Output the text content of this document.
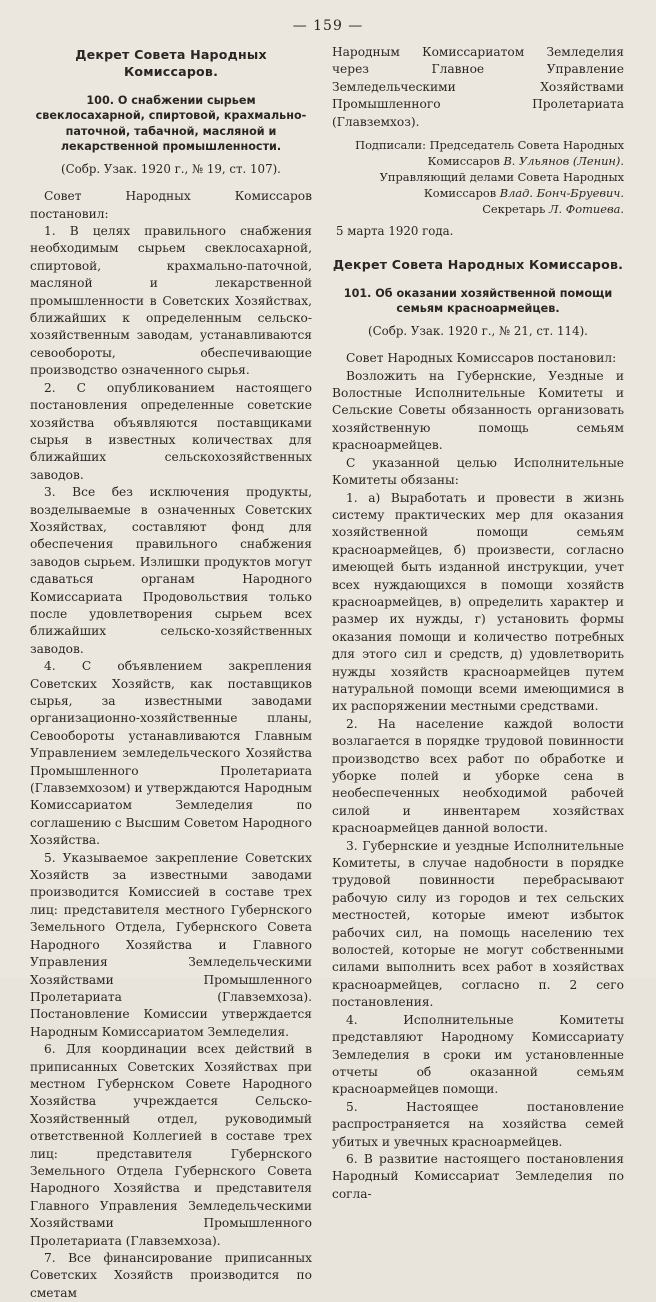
— 159 —
Декрет Совета Народных Комиссаров.
100. О снабжении сырьем свеклосахарной, спиртовой, крахмально-паточной, табачной, масляной и лекарственной промышленности.
(Собр. Узак. 1920 г., № 19, ст. 107).

Совет Народных Комиссаров постановил:

1. В целях правильного снабжения необходимым сырьем свеклосахарной, спиртовой, крахмально-паточной, масляной и лекарственной промышленности в Советских Хозяйствах, ближайших к определенным сельско-хозяйственным заводам, устанавливаются севообороты, обеспечивающие производство означенного сырья.

2. С опубликованием настоящего постановления определенные советские хозяйства объявляются поставщиками сырья в известных количествах для ближайших сельскохозяйственных заводов.

3. Все без исключения продукты, возделываемые в означенных Советских Хозяйствах, составляют фонд для обеспечения правильного снабжения заводов сырьем. Излишки продуктов могут сдаваться органам Народного Комиссариата Продовольствия только после удовлетворения сырьем всех ближайших сельско-хозяйственных заводов.

4. С объявлением закрепления Советских Хозяйств, как поставщиков сырья, за известными заводами организационно-хозяйственные планы, Севообороты устанавливаются Главным Управлением земледельческого Хозяйства Промышленного Пролетариата (Главземхозом) и утверждаются Народным Комиссариатом Земледелия по соглашению с Высшим Советом Народного Хозяйства.

5. Указываемое закрепление Советских Хозяйств за известными заводами производится Комиссией в составе трех лиц: представителя местного Губернского Земельного Отдела, Губернского Совета Народного Хозяйства и Главного Управления Земледельческими Хозяйствами Промышленного Пролетариата (Главземхоза). Постановление Комиссии утверждается Народным Комиссариатом Земледелия.

6. Для координации всех действий в приписанных Советских Хозяйствах при местном Губернском Совете Народного Хозяйства учреждается Сельско-Хозяйственный отдел, руководимый ответственной Коллегией в составе трех лиц: представителя Губернского Земельного Отдела Губернского Совета Народного Хозяйства и представителя Главного Управления Земледельческими Хозяйствами Промышленного Пролетариата (Главземхоза).

7. Все финансирование приписанных Советских Хозяйств производится по сметам

Народным Комиссариатом Земледелия через Главное Управление Земледельческими Хозяйствами Промышленного Пролетариата (Главземхоз).

Подписали: Председатель Совета Народных Комиссаров В. Ульянов (Ленин).
Управляющий делами Совета Народных Комиссаров Влад. Бонч-Бруевич.
Секретарь Л. Фотиева.
5 марта 1920 года.
Декрет Совета Народных Комиссаров.
101. Об оказании хозяйственной помощи семьям красноармейцев.
(Собр. Узак. 1920 г., № 21, ст. 114).

Совет Народных Комиссаров постановил:

Возложить на Губернские, Уездные и Волостные Исполнительные Комитеты и Сельские Советы обязанность организовать хозяйственную помощь семьям красноармейцев.

С указанной целью Исполнительные Комитеты обязаны:

1. а) Выработать и провести в жизнь систему практических мер для оказания хозяйственной помощи семьям красноармейцев, б) произвести, согласно имеющей быть изданной инструкции, учет всех нуждающихся в помощи хозяйств красноармейцев, в) определить характер и размер их нужды, г) установить формы оказания помощи и количество потребных для этого сил и средств, д) удовлетворить нужды хозяйств красноармейцев путем натуральной помощи всеми имеющимися в их распоряжении местными средствами.

2. На население каждой волости возлагается в порядке трудовой повинности производство всех работ по обработке и уборке полей и уборке сена в необеспеченных необходимой рабочей силой и инвентарем хозяйствах красноармейцев данной волости.

3. Губернские и уездные Исполнительные Комитеты, в случае надобности в порядке трудовой повинности перебрасывают рабочую силу из городов и тех сельских местностей, которые имеют избыток рабочих сил, на помощь населению тех волостей, которые не могут собственными силами выполнить всех работ в хозяйствах красноармейцев, согласно п. 2 сего постановления.

4. Исполнительные Комитеты представляют Народному Комиссариату Земледелия в сроки им установленные отчеты об оказанной семьям красноармейцев помощи.

5. Настоящее постановление распространяется на хозяйства семей убитых и увечных красноармейцев.

6. В развитие настоящего постановления Народный Комиссариат Земледелия по согла-
